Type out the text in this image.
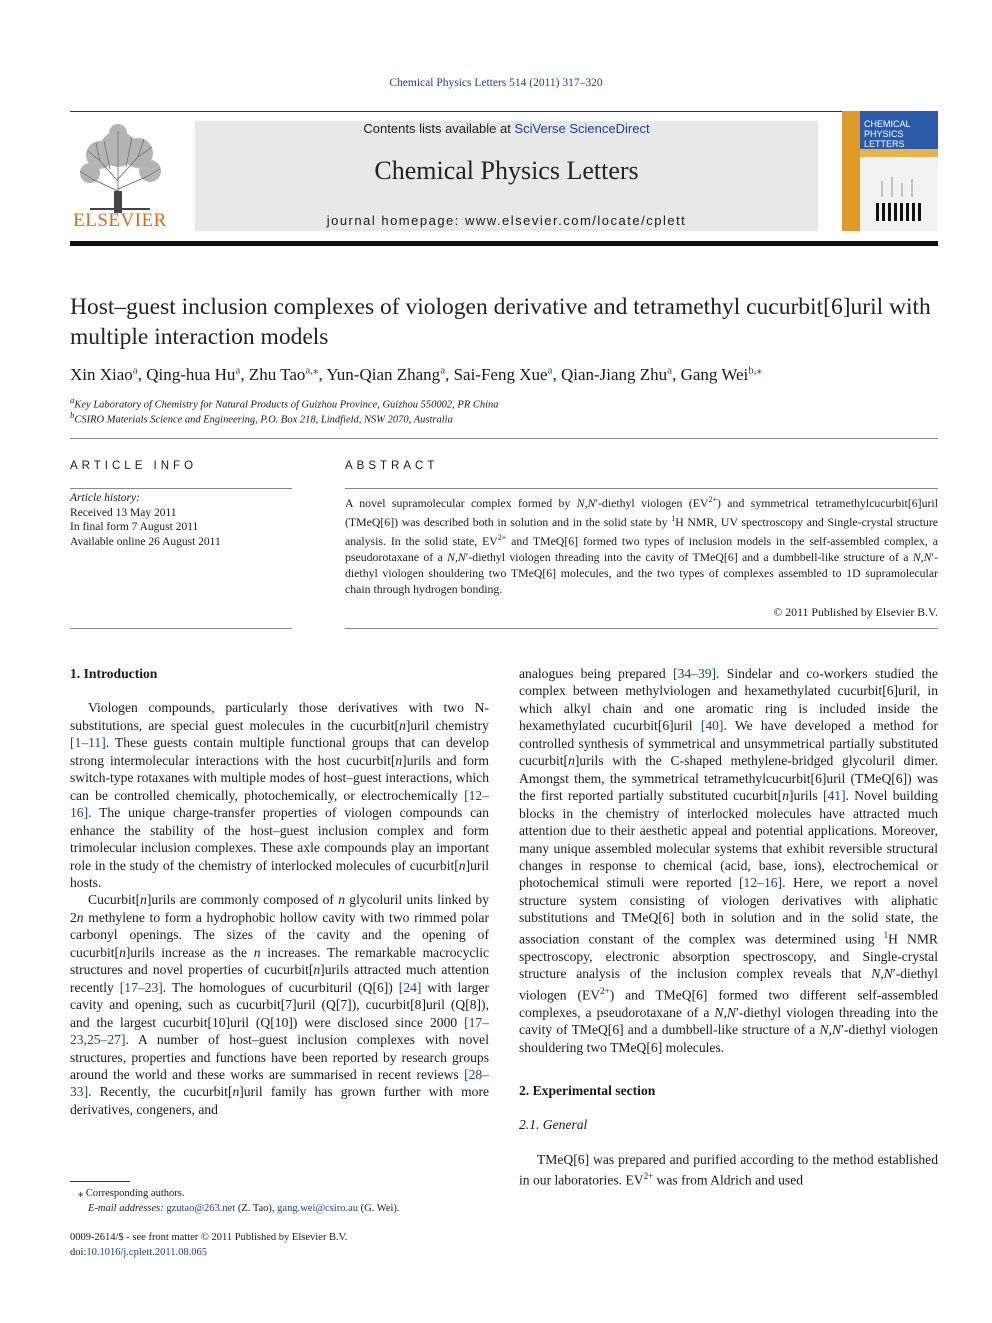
Chemical Physics Letters 514 (2011) 317–320
ELSEVIER
Contents lists available at SciVerse ScienceDirect
Chemical Physics Letters
journal homepage: www.elsevier.com/locate/cplett
CHEMICAL
PHYSICS
LETTERS
Host–guest inclusion complexes of viologen derivative and tetramethyl cucurbit[6]uril with multiple interaction models
Xin Xiao$^a$, Qing-hua Hu$^a$, Zhu Tao$^{a,⁎}$, Yun-Qian Zhang$^a$, Sai-Feng Xue$^a$, Qian-Jiang Zhu$^a$, Gang Wei$^{b,⁎}$
$^a$Key Laboratory of Chemistry for Natural Products of Guizhou Province, Guizhou 550002, PR China
$^b$CSIRO Materials Science and Engineering, P.O. Box 218, Lindfield, NSW 2070, Australia
ARTICLE INFO
Article history:
Received 13 May 2011
In final form 7 August 2011
Available online 26 August 2011
ABSTRACT
A novel supramolecular complex formed by N,N′-diethyl viologen $(EV^{2+})$ and symmetrical tetramethylcucurbit[6]uril (TMeQ[6]) was described both in solution and in the solid state by $^1$H NMR, UV spectroscopy and Single-crystal structure analysis. In the solid state, $EV^{2+}$ and TMeQ[6] formed two types of inclusion models in the self-assembled complex, a pseudorotaxane of a N,N′-diethyl viologen threading into the cavity of TMeQ[6] and a dumbbell-like structure of a N,N′-diethyl viologen shouldering two TMeQ[6] molecules, and the two types of complexes assembled to 1D supramolecular chain through hydrogen bonding.
© 2011 Published by Elsevier B.V.
1. Introduction

Viologen compounds, particularly those derivatives with two N-substitutions, are special guest molecules in the cucurbit[n]uril chemistry [1–11]. These guests contain multiple functional groups that can develop strong intermolecular interactions with the host cucurbit[n]urils and form switch-type rotaxanes with multiple modes of host–guest interactions, which can be controlled chemically, photochemically, or electrochemically [12–16]. The unique charge-transfer properties of viologen compounds can enhance the stability of the host–guest inclusion complex and form trimolecular inclusion complexes. These axle compounds play an important role in the study of the chemistry of interlocked molecules of cucurbit[n]uril hosts.

Cucurbit[n]urils are commonly composed of n glycoluril units linked by 2n methylene to form a hydrophobic hollow cavity with two rimmed polar carbonyl openings. The sizes of the cavity and the opening of cucurbit[n]urils increase as the n increases. The remarkable macrocyclic structures and novel properties of cucurbit[n]urils attracted much attention recently [17–23]. The homologues of cucurbituril (Q[6]) [24] with larger cavity and opening, such as cucurbit[7]uril (Q[7]), cucurbit[8]uril (Q[8]), and the largest cucurbit[10]uril (Q[10]) were disclosed since 2000 [17–23,25–27]. A number of host–guest inclusion complexes with novel structures, properties and functions have been reported by research groups around the world and these works are summarised in recent reviews [28–33]. Recently, the cucurbit[n]uril family has grown further with more derivatives, congeners, and

⁎ Corresponding authors.
E-mail addresses: gzutao@263.net (Z. Tao), gang.wei@csiro.au (G. Wei).
0009-2614/$ - see front matter © 2011 Published by Elsevier B.V.
doi:10.1016/j.cplett.2011.08.065

analogues being prepared [34–39]. Sindelar and co-workers studied the complex between methylviologen and hexamethylated cucurbit[6]uril, in which alkyl chain and one aromatic ring is included inside the hexamethylated cucurbit[6]uril [40]. We have developed a method for controlled synthesis of symmetrical and unsymmetrical partially substituted cucurbit[n]urils with the C-shaped methylene-bridged glycoluril dimer. Amongst them, the symmetrical tetramethylcucurbit[6]uril (TMeQ[6]) was the first reported partially substituted cucurbit[n]urils [41]. Novel building blocks in the chemistry of interlocked molecules have attracted much attention due to their aesthetic appeal and potential applications. Moreover, many unique assembled molecular systems that exhibit reversible structural changes in response to chemical (acid, base, ions), electrochemical or photochemical stimuli were reported [12–16]. Here, we report a novel structure system consisting of viologen derivatives with aliphatic substitutions and TMeQ[6] both in solution and in the solid state, the association constant of the complex was determined using $^1$H NMR spectroscopy, electronic absorption spectroscopy, and Single-crystal structure analysis of the inclusion complex reveals that N,N′-diethyl viologen $(EV^{2+})$ and TMeQ[6] formed two different self-assembled complexes, a pseudorotaxane of a N,N′-diethyl viologen threading into the cavity of TMeQ[6] and a dumbbell-like structure of a N,N′-diethyl viologen shouldering two TMeQ[6] molecules.

2. Experimental section
2.1. General

TMeQ[6] was prepared and purified according to the method established in our laboratories. $EV^{2+}$ was from Aldrich and used
